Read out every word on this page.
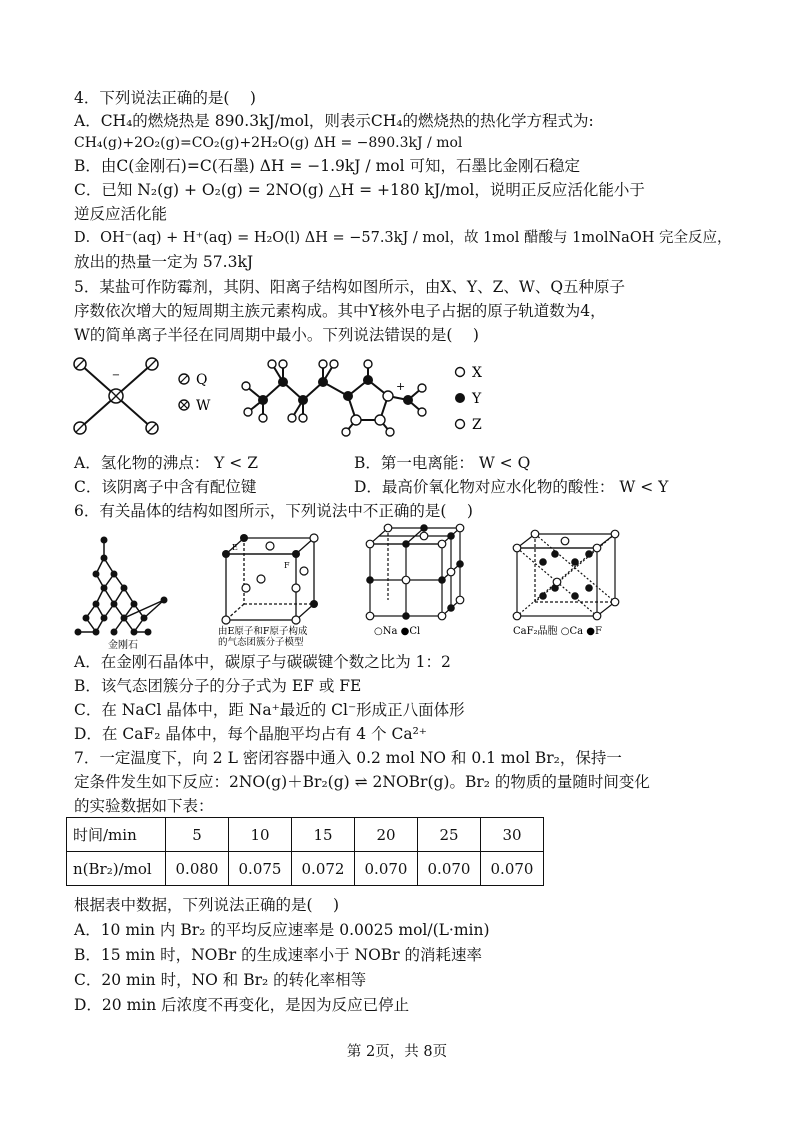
4．下列说法正确的是(　 )
A．CH₄的燃烧热是 890.3kJ/mol，则表示CH₄的燃烧热的热化学方程式为:
CH₄(g)+2O₂(g)=CO₂(g)+2H₂O(g) ΔH = −890.3kJ / mol
B．由C(金刚石)=C(石墨) ΔH = −1.9kJ / mol 可知，石墨比金刚石稳定
C．已知 N₂(g) + O₂(g) = 2NO(g) △H = +180 kJ/mol，说明正反应活化能小于
逆反应活化能
D．OH⁻(aq) + H⁺(aq) = H₂O(l) ΔH = −57.3kJ / mol，故 1mol 醋酸与 1molNaOH 完全反应，
放出的热量一定为 57.3kJ
5．某盐可作防霉剂，其阴、阳离子结构如图所示，由X、Y、Z、W、Q五种原子
序数依次增大的短周期主族元素构成。其中Y核外电子占据的原子轨道数为4，
W的简单离子半径在同周期中最小。下列说法错误的是(　 )
−	Q
W
+
X
Y
Z
A．氢化物的沸点： Y < Z	B．第一电离能： W < Q
C．该阴离子中含有配位键	D．最高价氧化物对应水化物的酸性： W < Y
6．有关晶体的结构如图所示，下列说法中不正确的是(　 )
金刚石
E
F
由E原子和F原子构成
的气态团簇分子模型
○Na ●Cl	CaF₂晶胞 ○Ca ●F
A．在金刚石晶体中，碳原子与碳碳键个数之比为 1：2
B．该气态团簇分子的分子式为 EF 或 FE
C．在 NaCl 晶体中，距 Na⁺最近的 Cl⁻形成正八面体形
D．在 CaF₂ 晶体中，每个晶胞平均占有 4 个 Ca²⁺
7．一定温度下，向 2 L 密闭容器中通入 0.2 mol NO 和 0.1 mol Br₂，保持一
定条件发生如下反应：2NO(g)＋Br₂(g) ⇌ 2NOBr(g)。Br₂ 的物质的量随时间变化
的实验数据如下表：
时间/min	5	10	15	20	25	30
n(Br₂)/mol	0.080	0.075	0.072	0.070	0.070	0.070
根据表中数据，下列说法正确的是(　 )
A．10 min 内 Br₂ 的平均反应速率是 0.0025 mol/(L·min)
B．15 min 时，NOBr 的生成速率小于 NOBr 的消耗速率
C．20 min 时，NO 和 Br₂ 的转化率相等
D．20 min 后浓度不再变化，是因为反应已停止
第 2页，共 8页
